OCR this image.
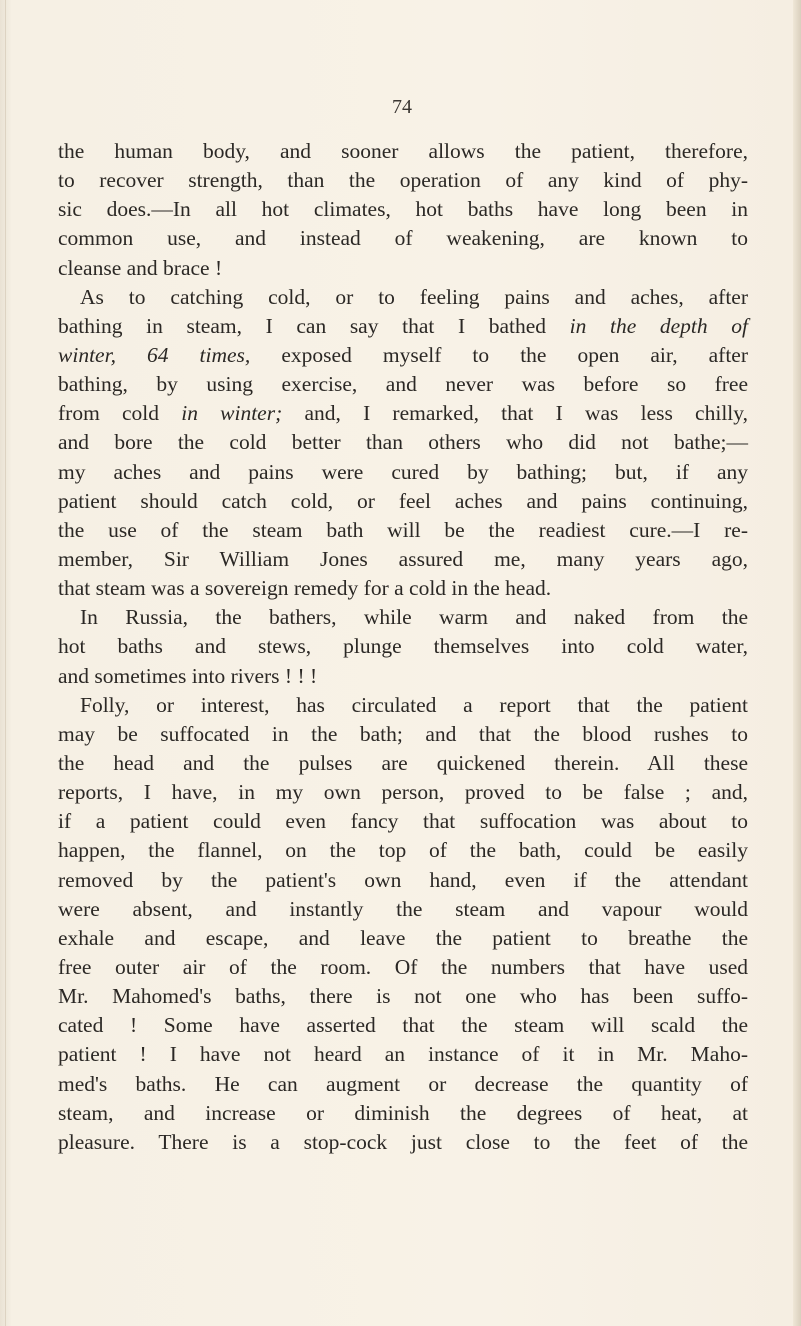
74
the human body, and sooner allows the patient, therefore,
to recover strength, than the operation of any kind of phy-
sic does.—In all hot climates, hot baths have long been in
common use, and instead of weakening, are known to
cleanse and brace !
As to catching cold, or to feeling pains and aches, after
bathing in steam, I can say that I bathed in the depth of
winter, 64 times, exposed myself to the open air, after
bathing, by using exercise, and never was before so free
from cold in winter; and, I remarked, that I was less chilly,
and bore the cold better than others who did not bathe;—
my aches and pains were cured by bathing; but, if any
patient should catch cold, or feel aches and pains continuing,
the use of the steam bath will be the readiest cure.—I re-
member, Sir William Jones assured me, many years ago,
that steam was a sovereign remedy for a cold in the head.
In Russia, the bathers, while warm and naked from the
hot baths and stews, plunge themselves into cold water,
and sometimes into rivers ! ! !
Folly, or interest, has circulated a report that the patient
may be suffocated in the bath; and that the blood rushes to
the head and the pulses are quickened therein. All these
reports, I have, in my own person, proved to be false ; and,
if a patient could even fancy that suffocation was about to
happen, the flannel, on the top of the bath, could be easily
removed by the patient's own hand, even if the attendant
were absent, and instantly the steam and vapour would
exhale and escape, and leave the patient to breathe the
free outer air of the room. Of the numbers that have used
Mr. Mahomed's baths, there is not one who has been suffo-
cated ! Some have asserted that the steam will scald the
patient ! I have not heard an instance of it in Mr. Maho-
med's baths. He can augment or decrease the quantity of
steam, and increase or diminish the degrees of heat, at
pleasure. There is a stop-cock just close to the feet of the
